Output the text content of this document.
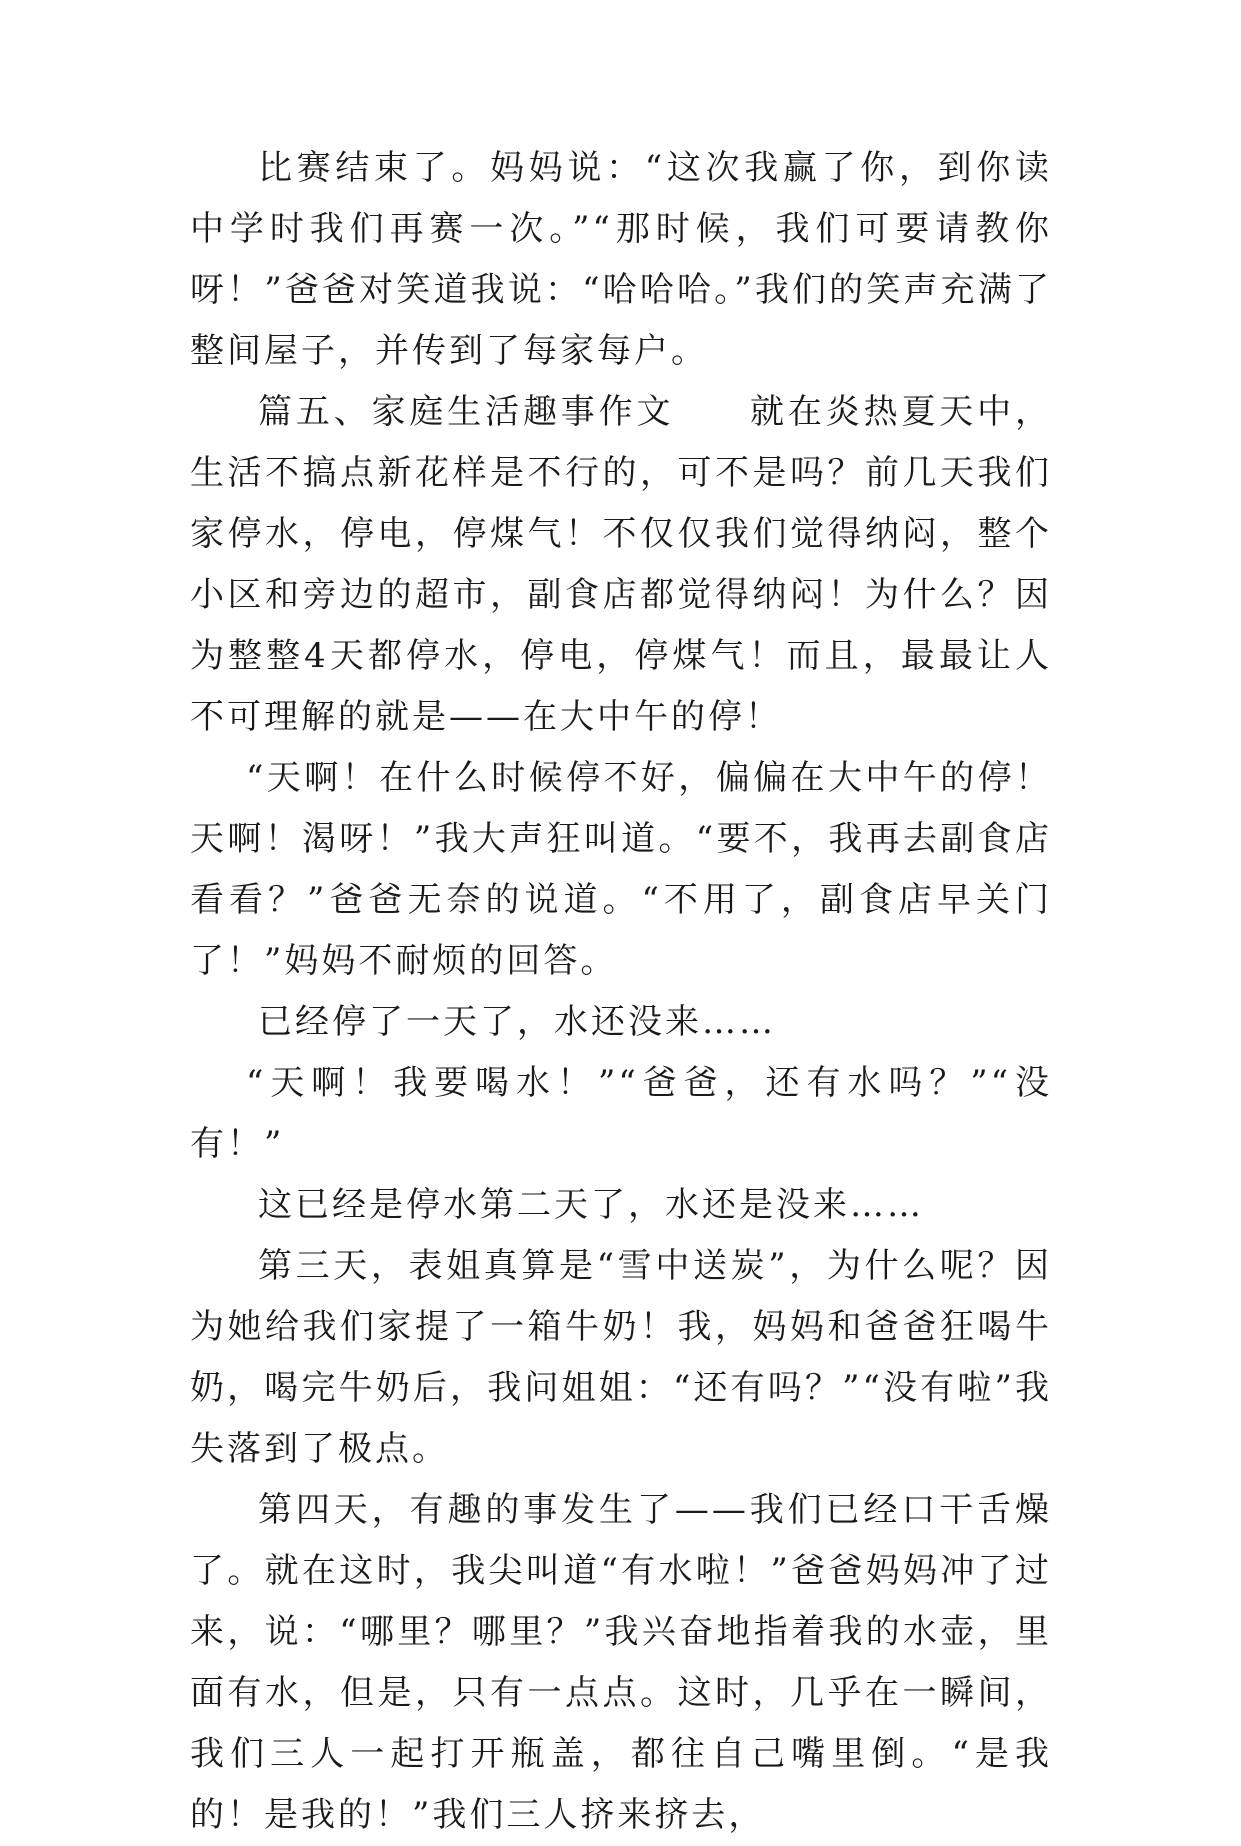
比赛结束了。妈妈说：“这次我赢了你，到你读中学时我们再赛一次。”“那时候，我们可要请教你呀！”爸爸对笑道我说：“哈哈哈。”我们的笑声充满了整间屋子，并传到了每家每户。

篇五、家庭生活趣事作文　　就在炎热夏天中，生活不搞点新花样是不行的，可不是吗？前几天我们家停水，停电，停煤气！不仅仅我们觉得纳闷，整个小区和旁边的超市，副食店都觉得纳闷！为什么？因为整整4天都停水，停电，停煤气！而且，最最让人不可理解的就是——在大中午的停！

“天啊！在什么时候停不好，偏偏在大中午的停！天啊！渴呀！”我大声狂叫道。“要不，我再去副食店看看？”爸爸无奈的说道。“不用了，副食店早关门了！”妈妈不耐烦的回答。

已经停了一天了，水还没来……

“天啊！我要喝水！”“爸爸，还有水吗？”“没有！”

这已经是停水第二天了，水还是没来……

第三天，表姐真算是“雪中送炭”，为什么呢？因为她给我们家提了一箱牛奶！我，妈妈和爸爸狂喝牛奶，喝完牛奶后，我问姐姐：“还有吗？”“没有啦”我失落到了极点。

第四天，有趣的事发生了——我们已经口干舌燥了。就在这时，我尖叫道“有水啦！”爸爸妈妈冲了过来，说：“哪里？哪里？”我兴奋地指着我的水壶，里面有水，但是，只有一点点。这时，几乎在一瞬间，我们三人一起打开瓶盖，都往自己嘴里倒。“是我的！是我的！”我们三人挤来挤去，
